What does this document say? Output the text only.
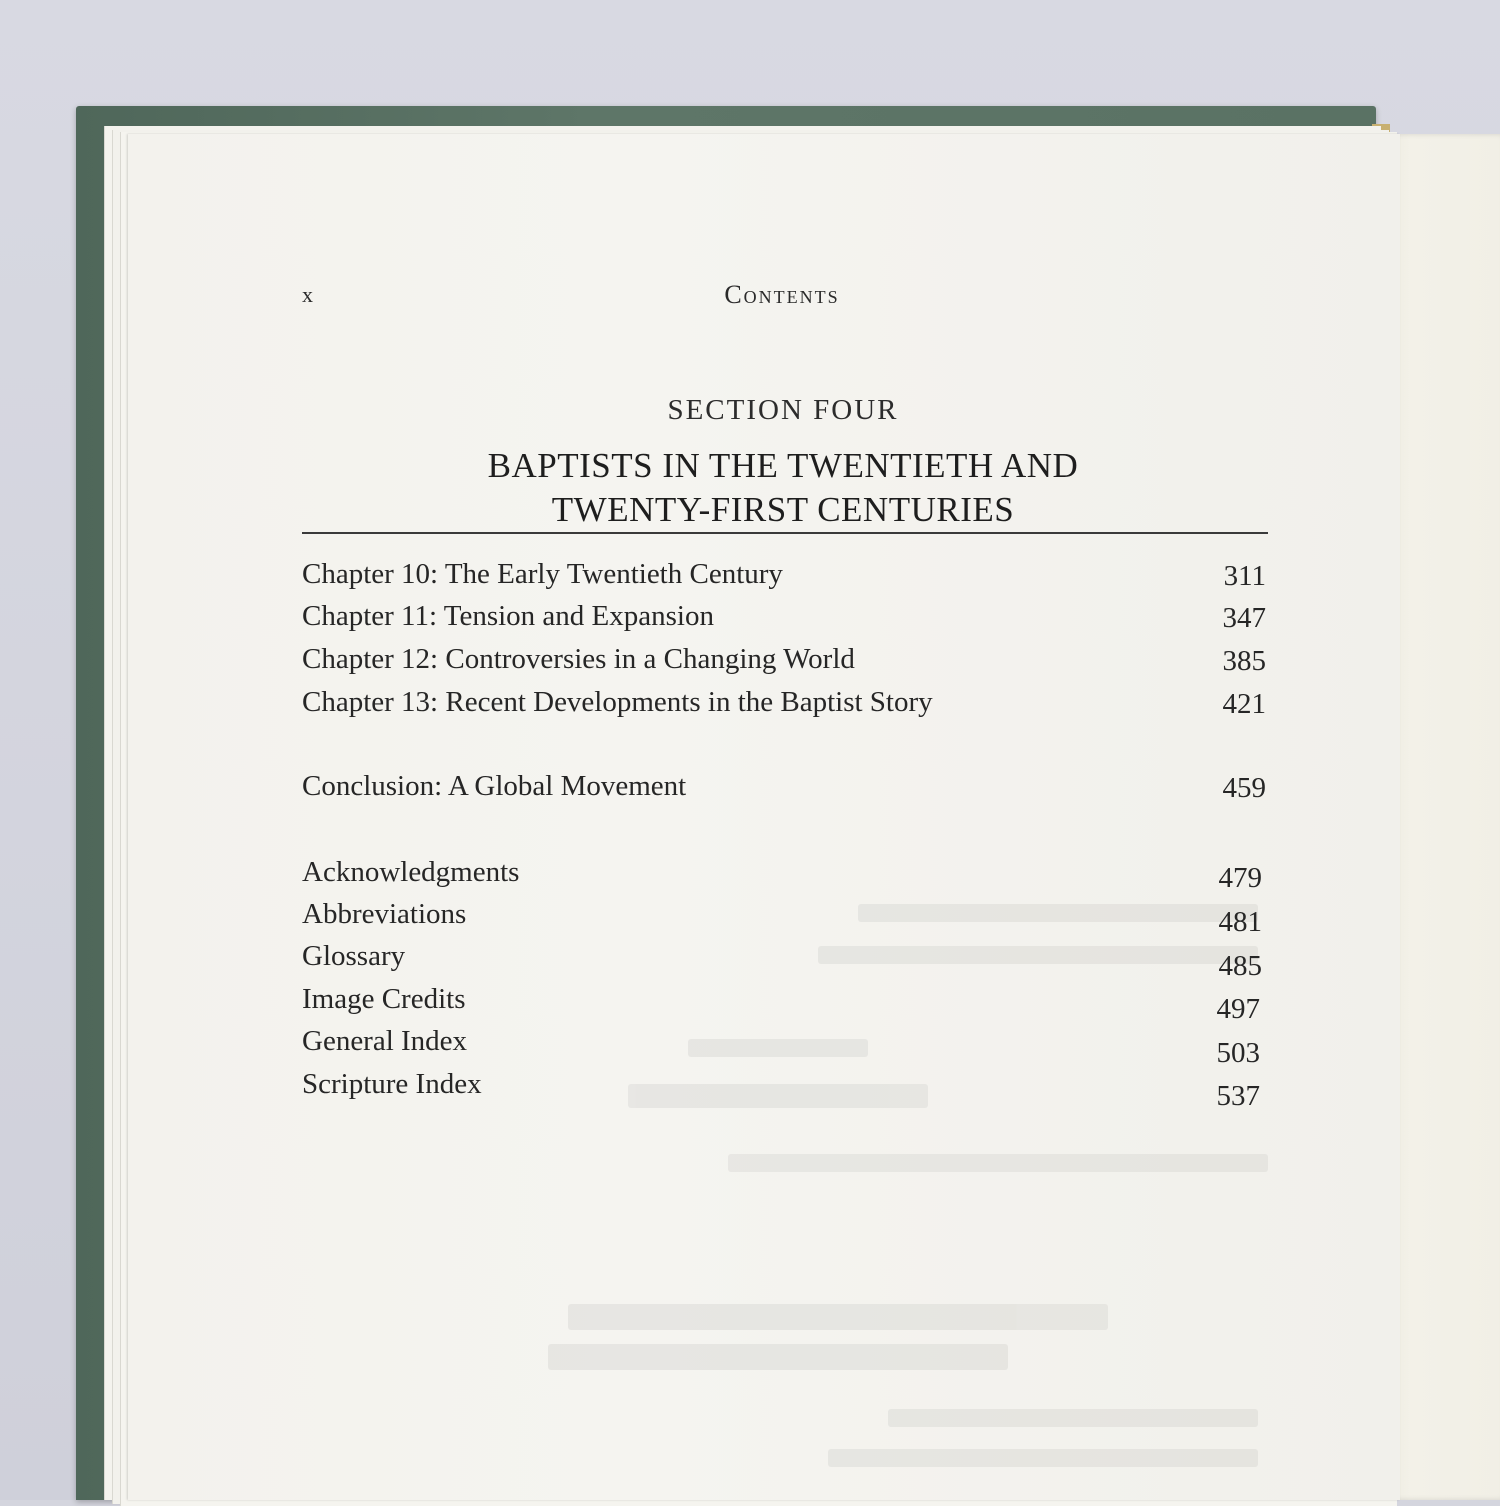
x	Contents
SECTION FOUR
BAPTISTS IN THE TWENTIETH AND
TWENTY-FIRST CENTURIES
Chapter 10: The Early Twentieth Century	311
Chapter 11: Tension and Expansion	347
Chapter 12: Controversies in a Changing World	385
Chapter 13: Recent Developments in the Baptist Story	421
Conclusion: A Global Movement	459
Acknowledgments	479
Abbreviations	481
Glossary	485
Image Credits	497
General Index	503
Scripture Index	537
